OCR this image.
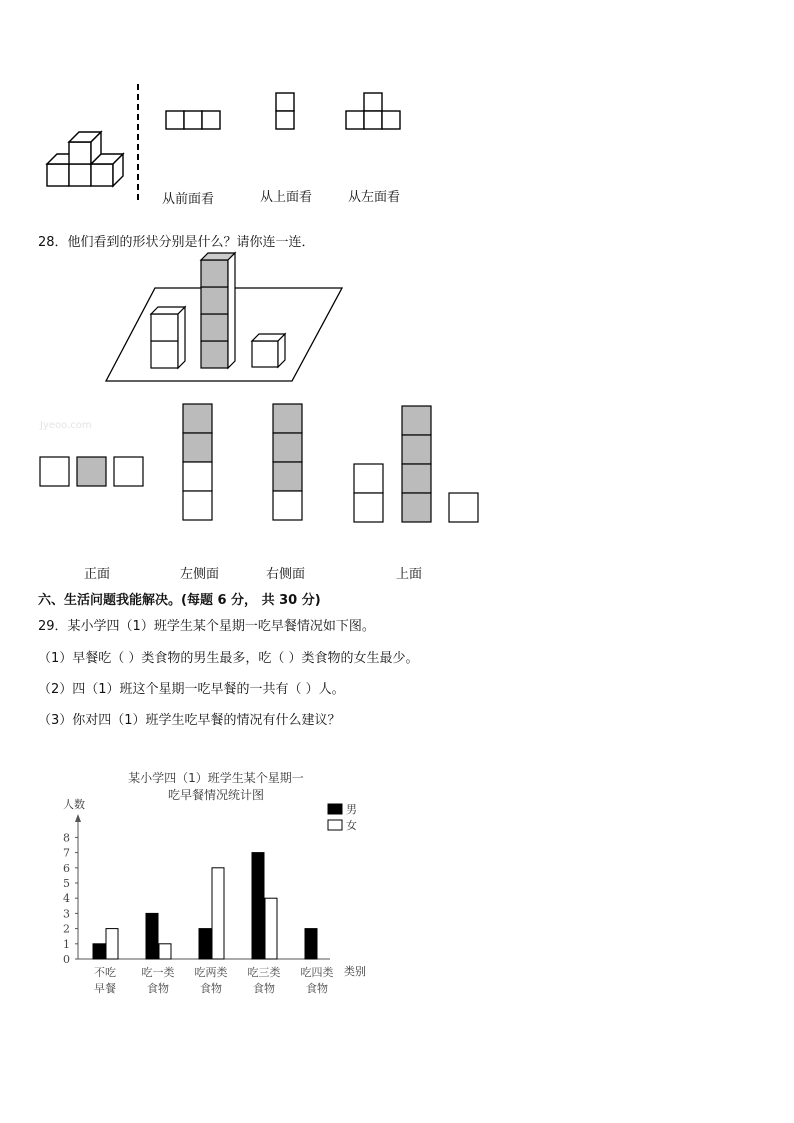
从前面看	从上面看	从左面看
28．他们看到的形状分别是什么？请你连一连．
Jyeoo.com
正面	左侧面	右侧面	上面
六、生活问题我能解决。(每题 6 分， 共 30 分)
29．某小学四（1）班学生某个星期一吃早餐情况如下图。
（1）早餐吃（ ）类食物的男生最多，吃（ ）类食物的女生最少。
（2）四（1）班这个星期一吃早餐的一共有（ ）人。
（3）你对四（1）班学生吃早餐的情况有什么建议？
某小学四（1）班学生某个星期一
吃早餐情况统计图
人数
类别
0
1
2
3
4
5
6
7
8
不吃
早餐
吃一类
食物
吃两类
食物
吃三类
食物
吃四类
食物
男
女
